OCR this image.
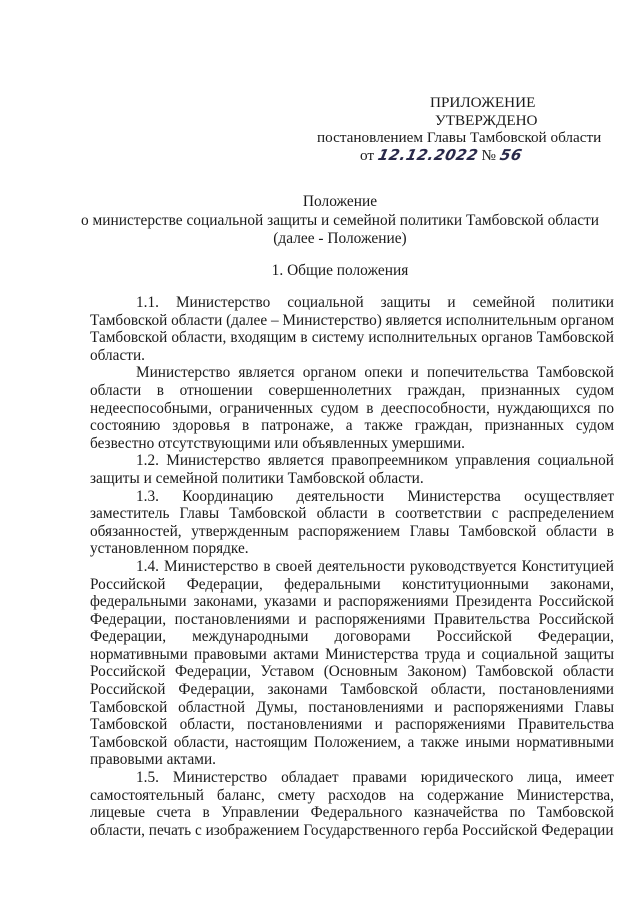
ПРИЛОЖЕНИЕ
УТВЕРЖДЕНО
постановлением Главы Тамбовской области
от 12.12.2022 № 56
Положение
о министерстве социальной защиты и семейной политики Тамбовской области
(далее - Положение)
1. Общие положения

1.1. Министерство социальной защиты и семейной политики Тамбовской области (далее – Министерство) является исполнительным органом Тамбовской области, входящим в систему исполнительных органов Тамбовской области.

Министерство является органом опеки и попечительства Тамбовской области в отношении совершеннолетних граждан, признанных судом недееспособными, ограниченных судом в дееспособности, нуждающихся по состоянию здоровья в патронаже, а также граждан, признанных судом безвестно отсутствующими или объявленных умершими.

1.2. Министерство является правопреемником управления социальной защиты и семейной политики Тамбовской области.

1.3. Координацию деятельности Министерства осуществляет заместитель Главы Тамбовской области в соответствии с распределением обязанностей, утвержденным распоряжением Главы Тамбовской области в установленном порядке.

1.4. Министерство в своей деятельности руководствуется Конституцией Российской Федерации, федеральными конституционными законами, федеральными законами, указами и распоряжениями Президента Российской Федерации, постановлениями и распоряжениями Правительства Российской Федерации, международными договорами Российской Федерации, нормативными правовыми актами Министерства труда и социальной защиты Российской Федерации, Уставом (Основным Законом) Тамбовской области Российской Федерации, законами Тамбовской области, постановлениями Тамбовской областной Думы, постановлениями и распоряжениями Главы Тамбовской области, постановлениями и распоряжениями Правительства Тамбовской области, настоящим Положением, а также иными нормативными правовыми актами.

1.5. Министерство обладает правами юридического лица, имеет самостоятельный баланс, смету расходов на содержание Министерства, лицевые счета в Управлении Федерального казначейства по Тамбовской области, печать с изображением Государственного герба Российской Федерации
